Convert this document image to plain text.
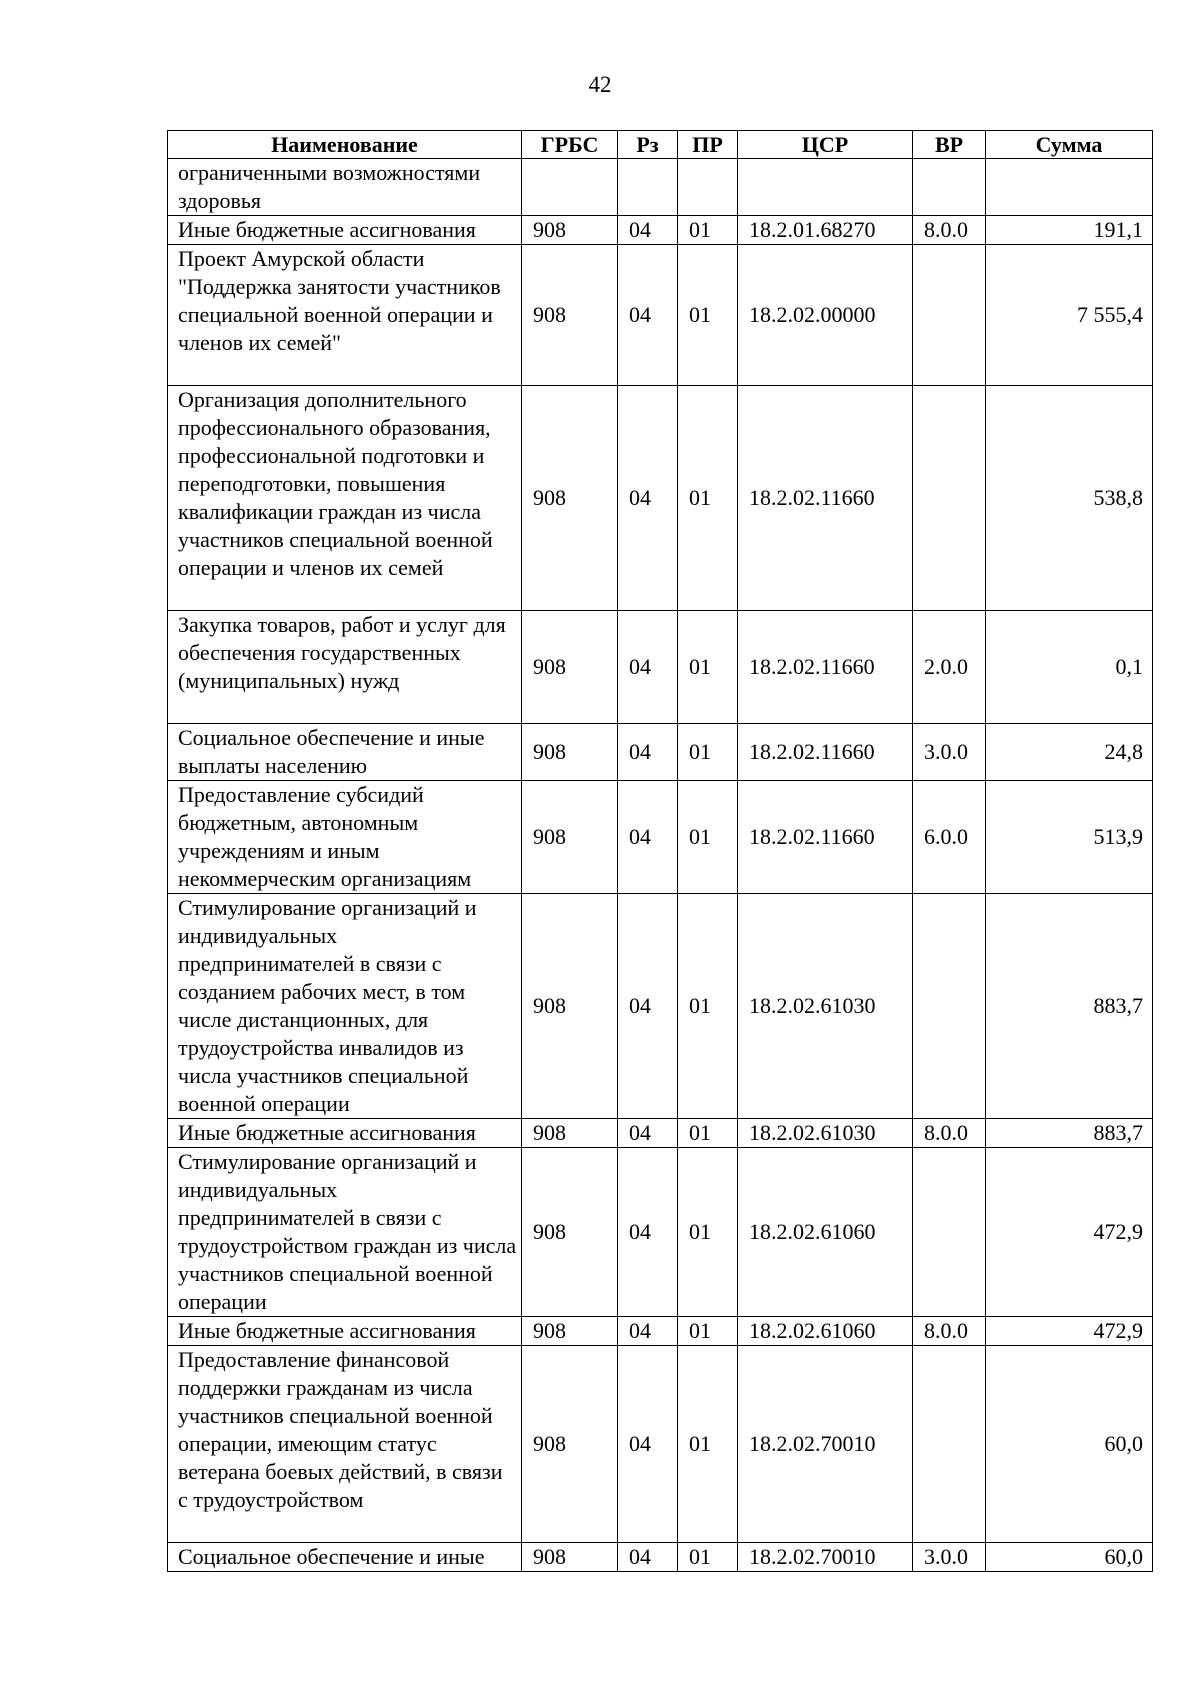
42
Наименование	ГРБС	Рз	ПР	ЦСР	ВР	Сумма
ограниченными возможностями здоровья						
Иные бюджетные ассигнования	908	04	01	18.2.01.68270	8.0.0	191,1
Проект Амурской области "Поддержка занятости участников специальной военной операции и членов их семей"	908	04	01	18.2.02.00000		7 555,4
Организация дополнительного профессионального образования, профессиональной подготовки и переподготовки, повышения квалификации граждан из числа участников специальной военной операции и членов их семей	908	04	01	18.2.02.11660		538,8
Закупка товаров, работ и услуг для обеспечения государственных (муниципальных) нужд	908	04	01	18.2.02.11660	2.0.0	0,1
Социальное обеспечение и иные выплаты населению	908	04	01	18.2.02.11660	3.0.0	24,8
Предоставление субсидий бюджетным, автономным учреждениям и иным некоммерческим организациям	908	04	01	18.2.02.11660	6.0.0	513,9
Стимулирование организаций и индивидуальных предпринимателей в связи с созданием рабочих мест, в том числе дистанционных, для трудоустройства инвалидов из числа участников специальной военной операции	908	04	01	18.2.02.61030		883,7
Иные бюджетные ассигнования	908	04	01	18.2.02.61030	8.0.0	883,7
Стимулирование организаций и индивидуальных предпринимателей в связи с трудоустройством граждан из числа участников специальной военной операции	908	04	01	18.2.02.61060		472,9
Иные бюджетные ассигнования	908	04	01	18.2.02.61060	8.0.0	472,9
Предоставление финансовой поддержки гражданам из числа участников специальной военной операции, имеющим статус ветерана боевых действий, в связи с трудоустройством	908	04	01	18.2.02.70010		60,0
Социальное обеспечение и иные	908	04	01	18.2.02.70010	3.0.0	60,0
